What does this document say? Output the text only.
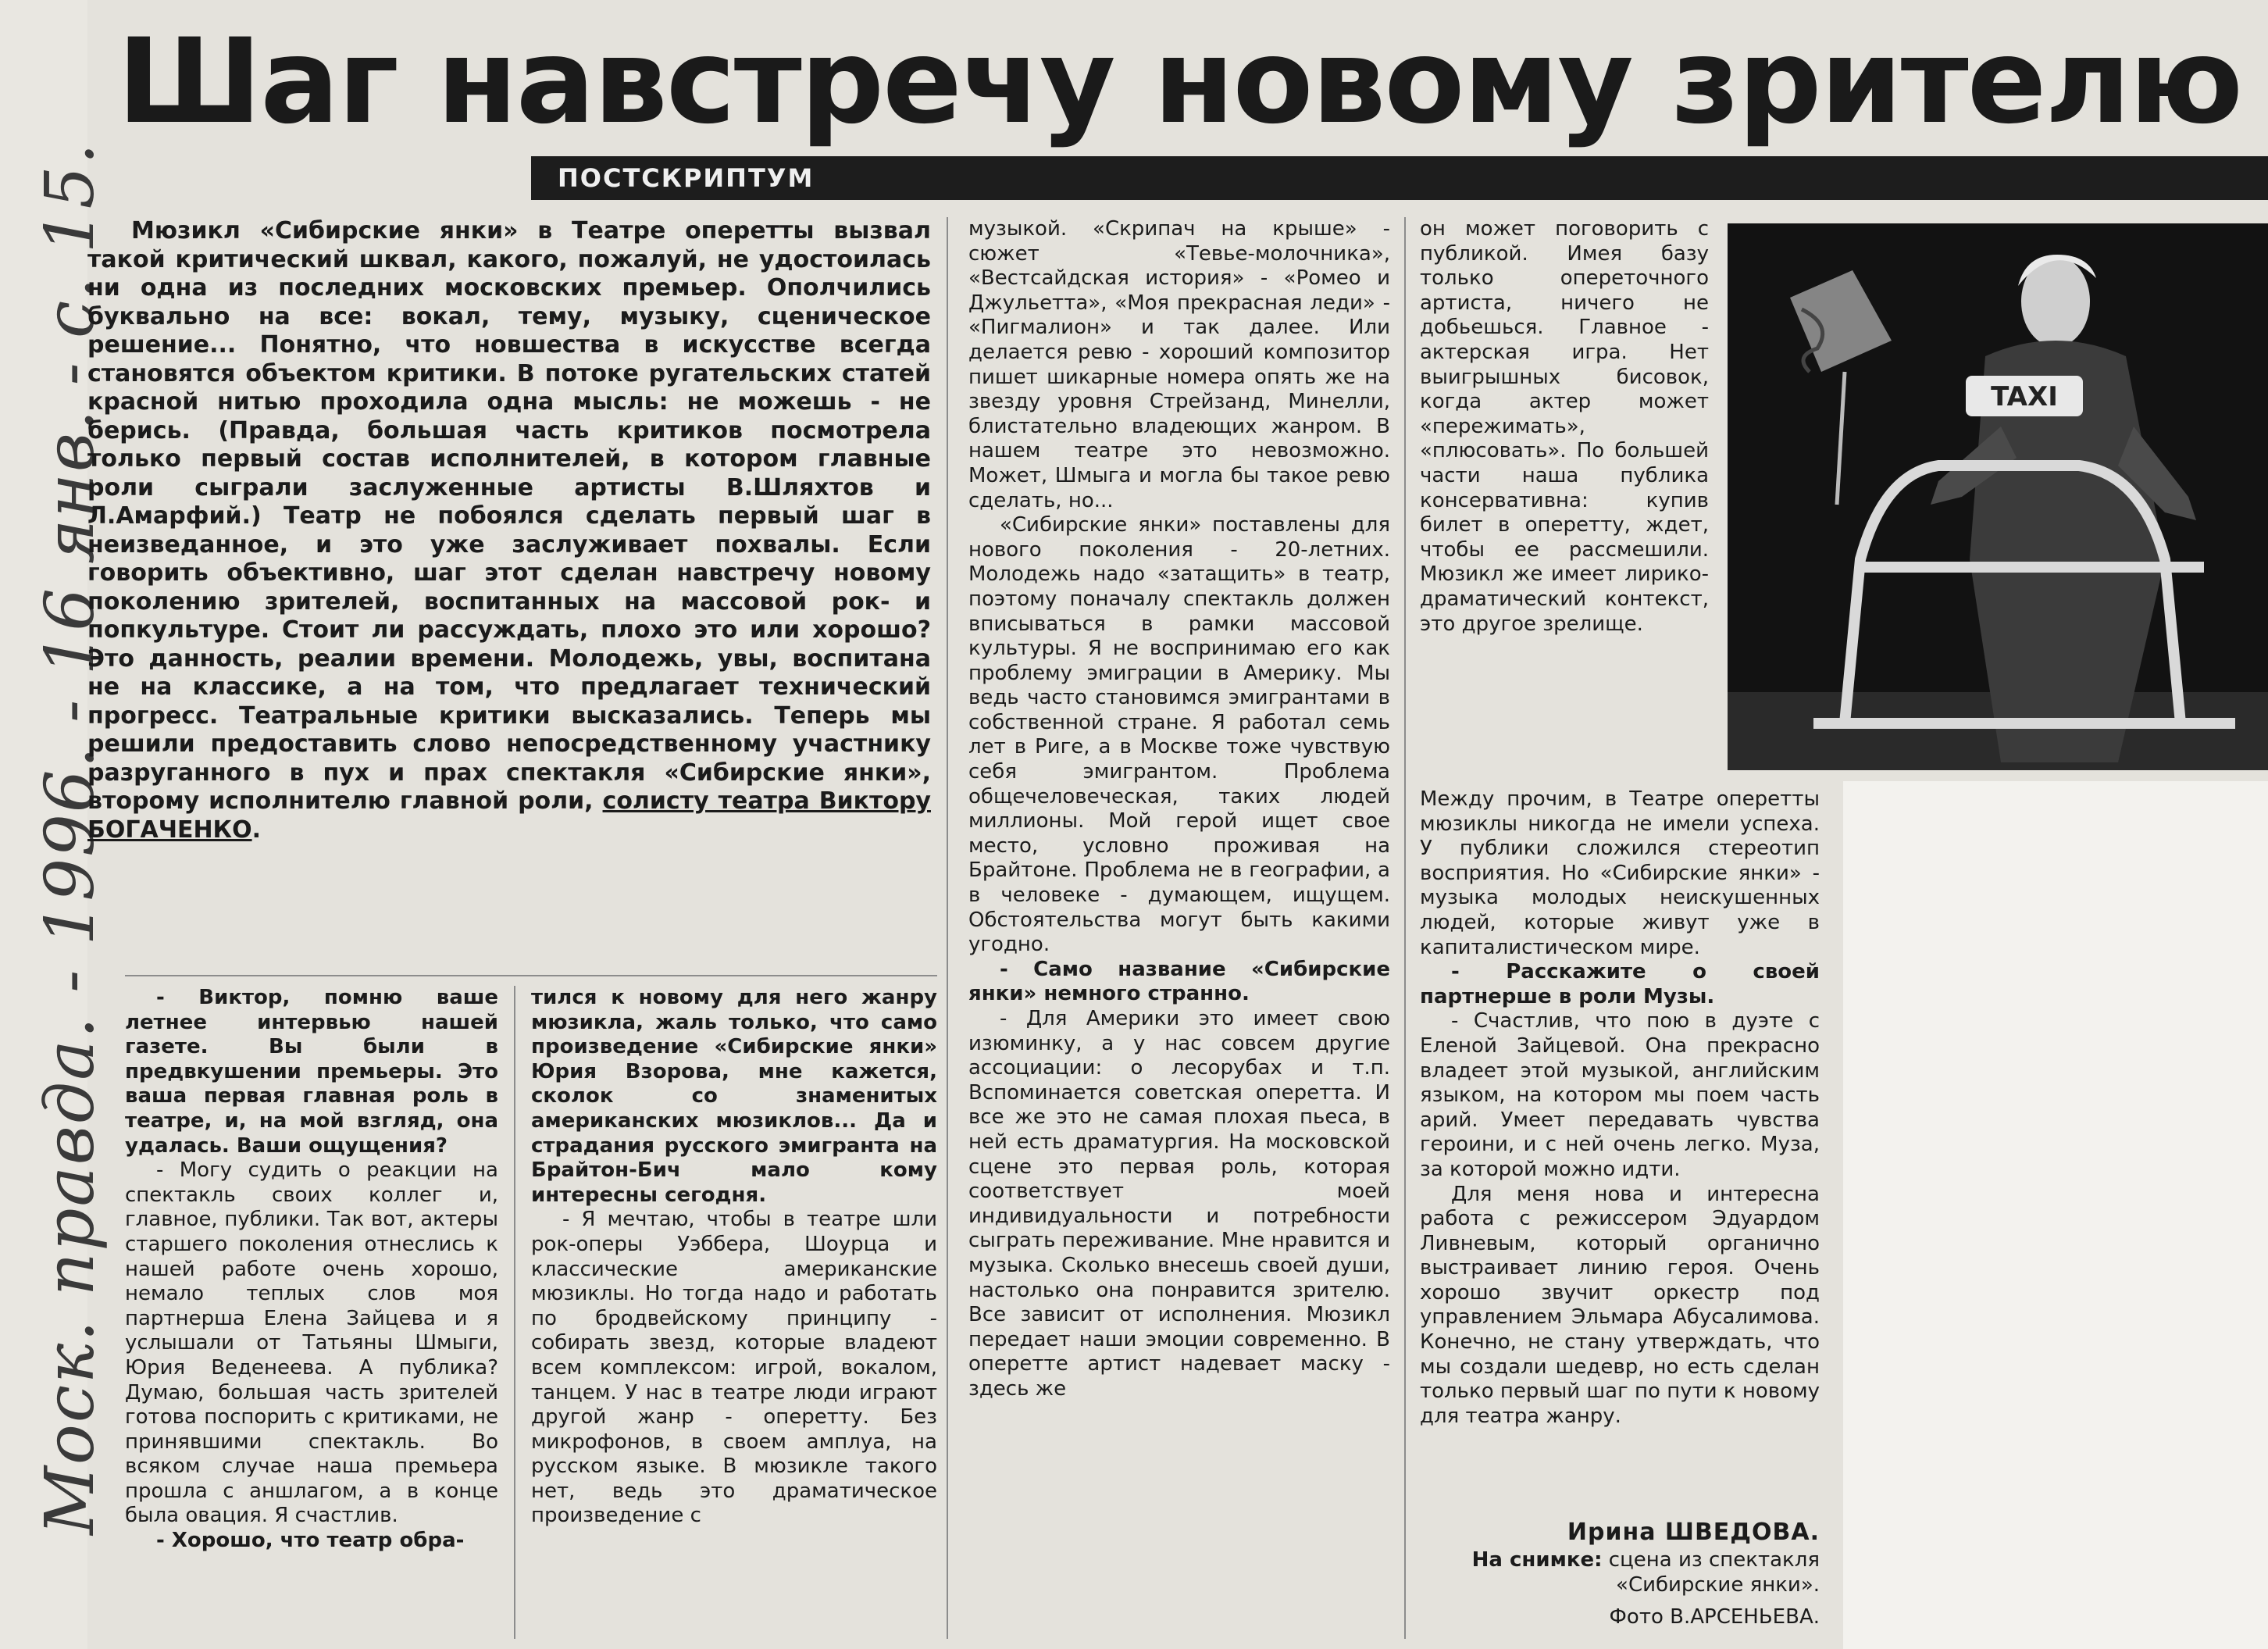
Моск. правда. - 1996. - 16 янв. - с. 15.
Шаг навстречу новому зрителю
ПОСТСКРИПТУМ

Мюзикл «Сибирские янки» в Театре оперетты вызвал такой критический шквал, какого, пожалуй, не удостоилась ни одна из последних московских премьер. Ополчились буквально на все: вокал, тему, музыку, сценическое решение... Понятно, что новшества в искусстве всегда становятся объектом критики. В потоке ругательских статей красной нитью проходила одна мысль: не можешь - не берись. (Правда, большая часть критиков посмотрела только первый состав исполнителей, в котором главные роли сыграли заслуженные артисты В.Шляхтов и Л.Амарфий.) Театр не побоялся сделать первый шаг в неизведанное, и это уже заслуживает похвалы. Если говорить объективно, шаг этот сделан навстречу новому поколению зрителей, воспитанных на массовой рок- и попкультуре. Стоит ли рассуждать, плохо это или хорошо? Это данность, реалии времени. Молодежь, увы, воспитана не на классике, а на том, что предлагает технический прогресс. Театральные критики высказались. Теперь мы решили предоставить слово непосредственному участнику разруганного в пух и прах спектакля «Сибирские янки», второму исполнителю главной роли, солисту театра Виктору БОГАЧЕНКО.

- Виктор, помню ваше летнее интервью нашей газете. Вы были в предвкушении премьеры. Это ваша первая главная роль в театре, и, на мой взгляд, она удалась. Ваши ощущения?

- Могу судить о реакции на спектакль своих коллег и, главное, публики. Так вот, актеры старшего поколения отнеслись к нашей работе очень хорошо, немало теплых слов моя партнерша Елена Зайцева и я услышали от Татьяны Шмыги, Юрия Веденеева. А публика? Думаю, большая часть зрителей готова поспорить с критиками, не принявшими спектакль. Во всяком случае наша премьера прошла с аншлагом, а в конце была овация. Я счастлив.

- Хорошо, что театр обра-

тился к новому для него жанру мюзикла, жаль только, что само произведение «Сибирские янки» Юрия Взорова, мне кажется, сколок со знаменитых американских мюзиклов... Да и страдания русского эмигранта на Брайтон-Бич мало кому интересны сегодня.

- Я мечтаю, чтобы в театре шли рок-оперы Уэббера, Шоурца и классические американские мюзиклы. Но тогда надо и работать по бродвейскому принципу - собирать звезд, которые владеют всем комплексом: игрой, вокалом, танцем. У нас в театре люди играют другой жанр - оперетту. Без микрофонов, в своем амплуа, на русском языке. В мюзикле такого нет, ведь это драматическое произведение с

музыкой. «Скрипач на крыше» - сюжет «Тевье-молочника», «Вестсайдская история» - «Ромео и Джульетта», «Моя прекрасная леди» - «Пигмалион» и так далее. Или делается ревю - хороший композитор пишет шикарные номера опять же на звезду уровня Стрейзанд, Минелли, блистательно владеющих жанром. В нашем театре это невозможно. Может, Шмыга и могла бы такое ревю сделать, но...

«Сибирские янки» поставлены для нового поколения - 20-летних. Молодежь надо «затащить» в театр, поэтому поначалу спектакль должен вписываться в рамки массовой культуры. Я не воспринимаю его как проблему эмиграции в Америку. Мы ведь часто становимся эмигрантами в собственной стране. Я работал семь лет в Риге, а в Москве тоже чувствую себя эмигрантом. Проблема общечеловеческая, таких людей миллионы. Мой герой ищет свое место, условно проживая на Брайтоне. Проблема не в географии, а в человеке - думающем, ищущем. Обстоятельства могут быть какими угодно.

- Само название «Сибирские янки» немного странно.

- Для Америки это имеет свою изюминку, а у нас совсем другие ассоциации: о лесорубах и т.п. Вспоминается советская оперетта. И все же это не самая плохая пьеса, в ней есть драматургия. На московской сцене это первая роль, которая соответствует моей индивидуальности и потребности сыграть переживание. Мне нравится и музыка. Сколько внесешь своей души, настолько она понравится зрителю. Все зависит от исполнения. Мюзикл передает наши эмоции современно. В оперетте артист надевает маску - здесь же

он может поговорить с публикой. Имея базу только опереточного артиста, ничего не добьешься. Главное - актерская игра. Нет выигрышных бисовок, когда актер может «пережимать», «плюсовать». По большей части наша публика консервативна: купив билет в оперетту, ждет, чтобы ее рассмешили. Мюзикл же имеет лирико-драматический контекст, это другое зрелище.

Между прочим, в Театре оперетты мюзиклы никогда не имели успеха. У публики сложился стереотип восприятия. Но «Сибирские янки» - музыка молодых неискушенных людей, которые живут уже в капиталистическом мире.

- Расскажите о своей партнерше в роли Музы.

- Счастлив, что пою в дуэте с Еленой Зайцевой. Она прекрасно владеет этой музыкой, английским языком, на котором мы поем часть арий. Умеет передавать чувства героини, и с ней очень легко. Муза, за которой можно идти.

Для меня нова и интересна работа с режиссером Эдуардом Ливневым, который органично выстраивает линию героя. Очень хорошо звучит оркестр под управлением Эльмара Абусалимова. Конечно, не стану утверждать, что мы создали шедевр, но есть сделан только первый шаг по пути к новому для театра жанру.

Ирина ШВЕДОВА.
На снимке: сцена из спектакля «Сибирские янки».
Фото В.АРСЕНЬЕВА.
TAXI
